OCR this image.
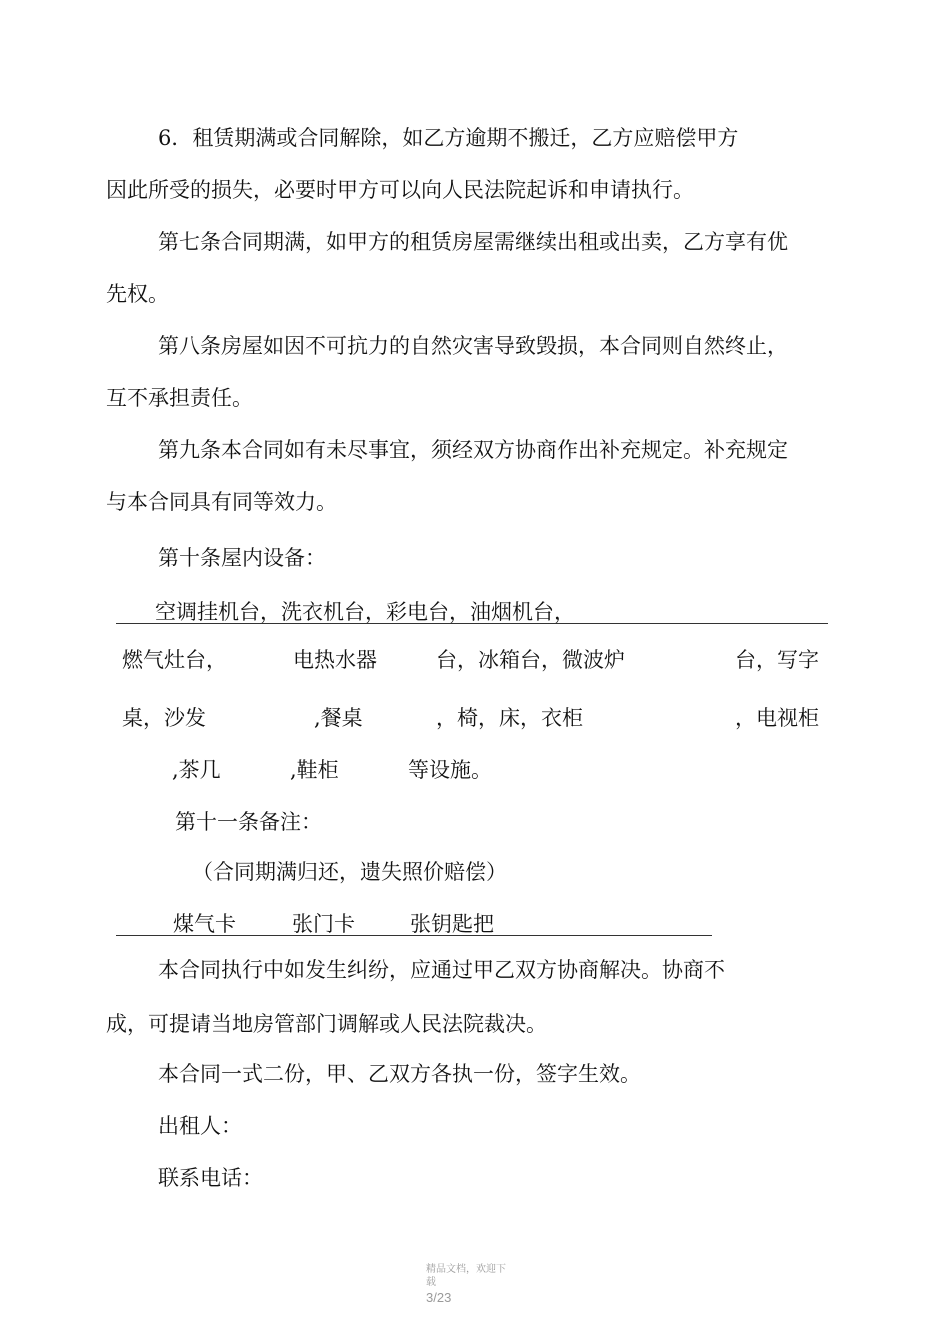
6．租赁期满或合同解除，如乙方逾期不搬迁，乙方应赔偿甲方
因此所受的损失，必要时甲方可以向人民法院起诉和申请执行。
第七条合同期满，如甲方的租赁房屋需继续出租或出卖，乙方享有优
先权。
第八条房屋如因不可抗力的自然灾害导致毁损，本合同则自然终止，
互不承担责任。
第九条本合同如有未尽事宜，须经双方协商作出补充规定。补充规定
与本合同具有同等效力。
第十条屋内设备：
空调挂机台，洗衣机台，彩电台，油烟机台，
燃气灶台，	电热水器	台，冰箱台，微波炉	台，写字
桌，沙发	,餐桌	，椅，床，衣柜	，电视柜
,茶几	,鞋柜	等设施。
第十一条备注：
（合同期满归还，遗失照价赔偿）
煤气卡	张门卡	张钥匙把
本合同执行中如发生纠纷，应通过甲乙双方协商解决。协商不
成，可提请当地房管部门调解或人民法院裁决。
本合同一式二份，甲、乙双方各执一份，签字生效。
出租人：
联系电话：
精品文档，欢迎下
载
3/23
